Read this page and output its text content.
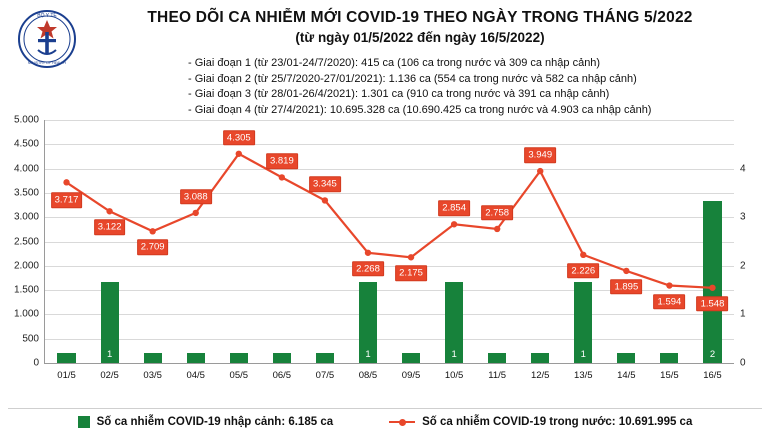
BỘ Y TẾ
MINISTRY OF HEALTH
THEO DÕI CA NHIỄM MỚI COVID-19 THEO NGÀY TRONG THÁNG 5/2022
(từ ngày 01/5/2022 đến ngày 16/5/2022)
- Giai đoạn 1 (từ 23/01-24/7/2020): 415 ca (106 ca trong nước và 309 ca nhập cảnh)
- Giai đoạn 2 (từ 25/7/2020-27/01/2021): 1.136 ca (554 ca trong nước và 582 ca nhập cảnh)
- Giai đoạn 3 (từ 28/01-26/4/2021): 1.301 ca (910 ca trong nước và 391 ca nhập cảnh)
- Giai đoạn 4 (từ 27/4/2021): 10.695.328 ca (10.690.425 ca trong nước và 4.903 ca nhập cảnh)
0
500
1.000
1.500
2.000
2.500
3.000
3.500
4.000
4.500
5.000
0
1
2
3
4
01/5
1
02/5	03/5	04/5	05/5	06/5	07/5
1
08/5	09/5
1
10/5	11/5	12/5
1
13/5	14/5	15/5
2
16/5
3.717
3.122
2.709
3.088
4.305
3.819
3.345
2.268	2.175
2.854	2.758
3.949
2.226
1.895
1.594	1.548
Số ca nhiễm COVID-19 nhập cảnh: 6.185 ca	Số ca nhiễm COVID-19 trong nước: 10.691.995 ca
